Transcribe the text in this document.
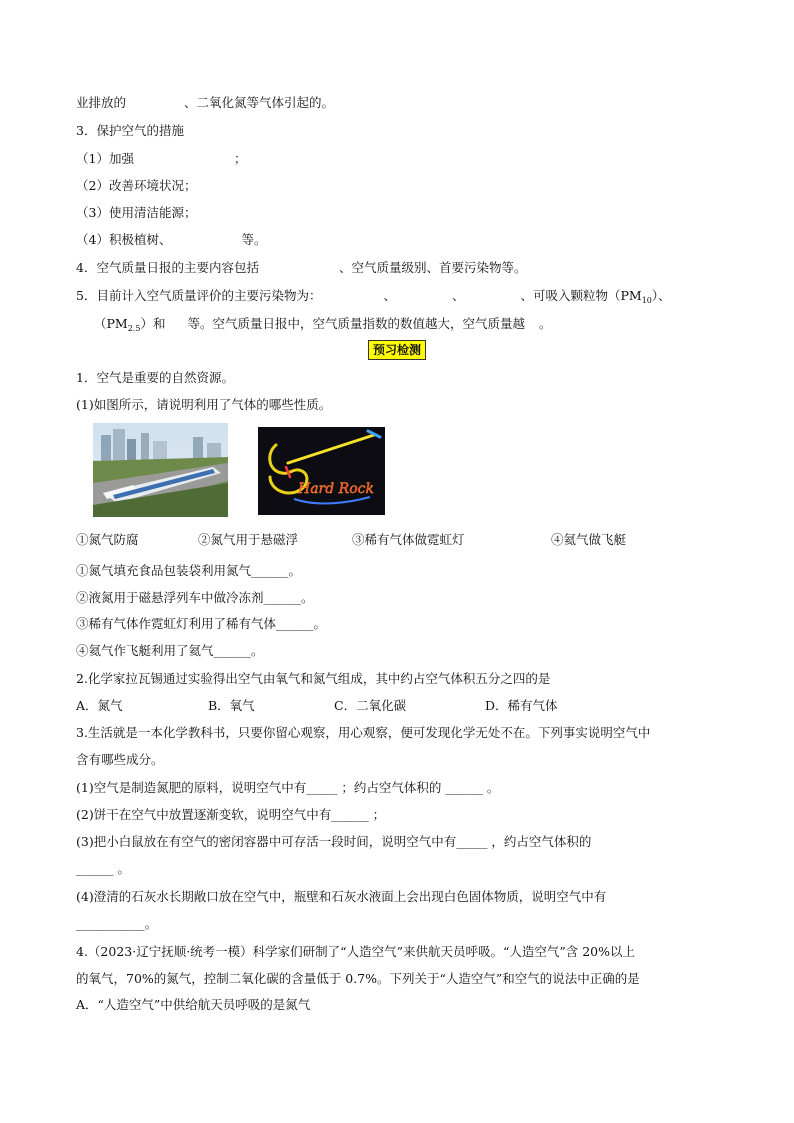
业排放的	、二氧化氮等气体引起的。
3．保护空气的措施
（1）加强	；
（2）改善环境状况；
（3）使用清洁能源；
（4）积极植树、	等。
4．空气质量日报的主要内容包括	、空气质量级别、首要污染物等。
5．目前计入空气质量评价的主要污染物为：	、	、	、可吸入颗粒物$(PM_{10})$、
$(PM_{2.5})$和 等。空气质量日报中，空气质量指数的数值越大，空气质量越 。
预习检测
1．空气是重要的自然资源。
(1)如图所示，请说明利用了气体的哪些性质。
Hard Rock
①氮气防腐	②氮气用于悬磁浮	③稀有气体做霓虹灯	④氦气做飞艇
①氮气填充食品包装袋利用氮气______。
②液氮用于磁悬浮列车中做冷冻剂______。
③稀有气体作霓虹灯利用了稀有气体______。
④氦气作飞艇利用了氦气______。
2.化学家拉瓦锡通过实验得出空气由氧气和氮气组成，其中约占空气体积五分之四的是
A．氮气	B．氧气	C．二氧化碳	D．稀有气体
3.生活就是一本化学教科书，只要你留心观察，用心观察，便可发现化学无处不在。下列事实说明空气中
含有哪些成分。
(1)空气是制造氮肥的原料，说明空气中有_____ ；约占空气体积的 ______ 。
(2)饼干在空气中放置逐渐变软，说明空气中有______ ；
(3)把小白鼠放在有空气的密闭容器中可存活一段时间，说明空气中有_____ ，约占空气体积的
______ 。
(4)澄清的石灰水长期敞口放在空气中，瓶壁和石灰水液面上会出现白色固体物质，说明空气中有
___________。
4.（2023·辽宁抚顺·统考一模）科学家们研制了“人造空气”来供航天员呼吸。“人造空气”含 20%以上
的氧气，70%的氮气，控制二氧化碳的含量低于 0.7%。下列关于“人造空气”和空气的说法中正确的是
A．“人造空气”中供给航天员呼吸的是氮气
